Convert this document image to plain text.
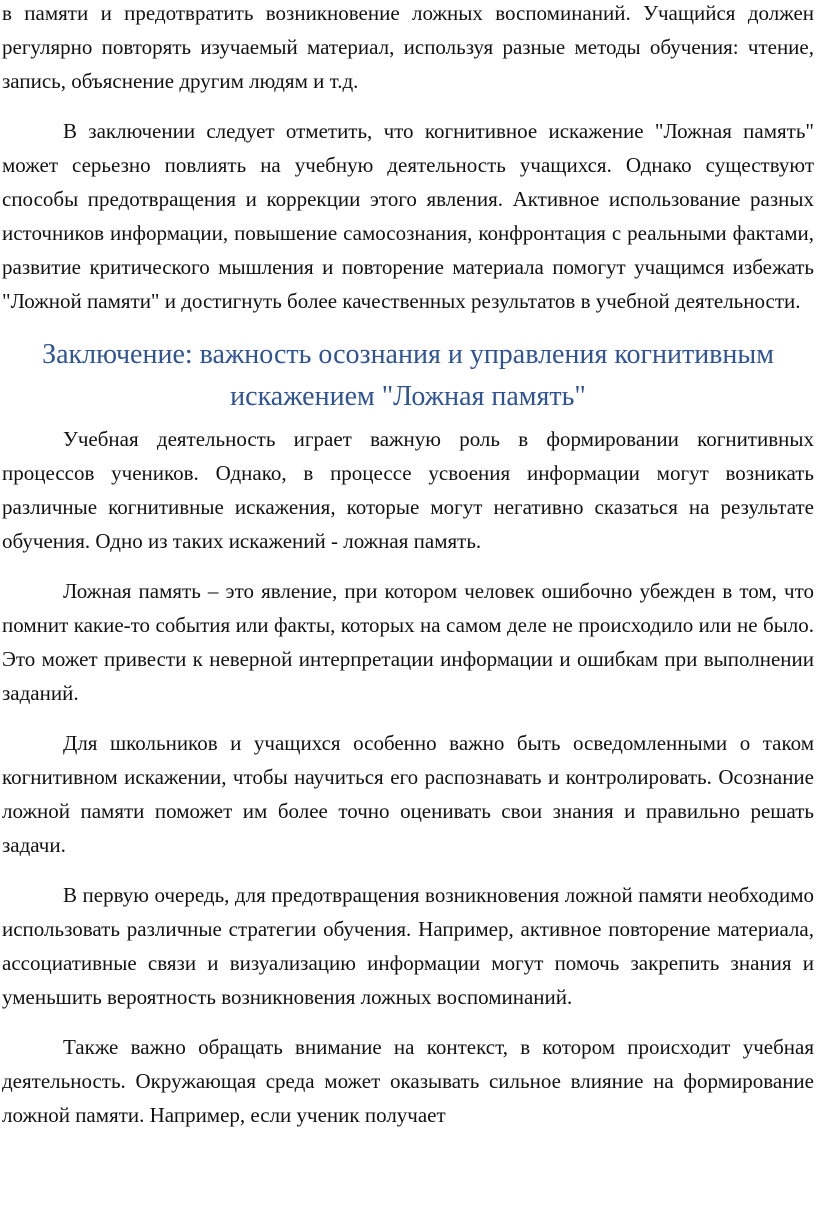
в памяти и предотвратить возникновение ложных воспоминаний. Учащийся должен регулярно повторять изучаемый материал, используя разные методы обучения: чтение, запись, объяснение другим людям и т.д.

В заключении следует отметить, что когнитивное искажение "Ложная память" может серьезно повлиять на учебную деятельность учащихся. Однако существуют способы предотвращения и коррекции этого явления. Активное использование разных источников информации, повышение самосознания, конфронтация с реальными фактами, развитие критического мышления и повторение материала помогут учащимся избежать "Ложной памяти" и достигнуть более качественных результатов в учебной деятельности.

Заключение: важность осознания и управления когнитивным искажением "Ложная память"

Учебная деятельность играет важную роль в формировании когнитивных процессов учеников. Однако, в процессе усвоения информации могут возникать различные когнитивные искажения, которые могут негативно сказаться на результате обучения. Одно из таких искажений - ложная память.

Ложная память – это явление, при котором человек ошибочно убежден в том, что помнит какие-то события или факты, которых на самом деле не происходило или не было. Это может привести к неверной интерпретации информации и ошибкам при выполнении заданий.

Для школьников и учащихся особенно важно быть осведомленными о таком когнитивном искажении, чтобы научиться его распознавать и контролировать. Осознание ложной памяти поможет им более точно оценивать свои знания и правильно решать задачи.

В первую очередь, для предотвращения возникновения ложной памяти необходимо использовать различные стратегии обучения. Например, активное повторение материала, ассоциативные связи и визуализацию информации могут помочь закрепить знания и уменьшить вероятность возникновения ложных воспоминаний.

Также важно обращать внимание на контекст, в котором происходит учебная деятельность. Окружающая среда может оказывать сильное влияние на формирование ложной памяти. Например, если ученик получает
